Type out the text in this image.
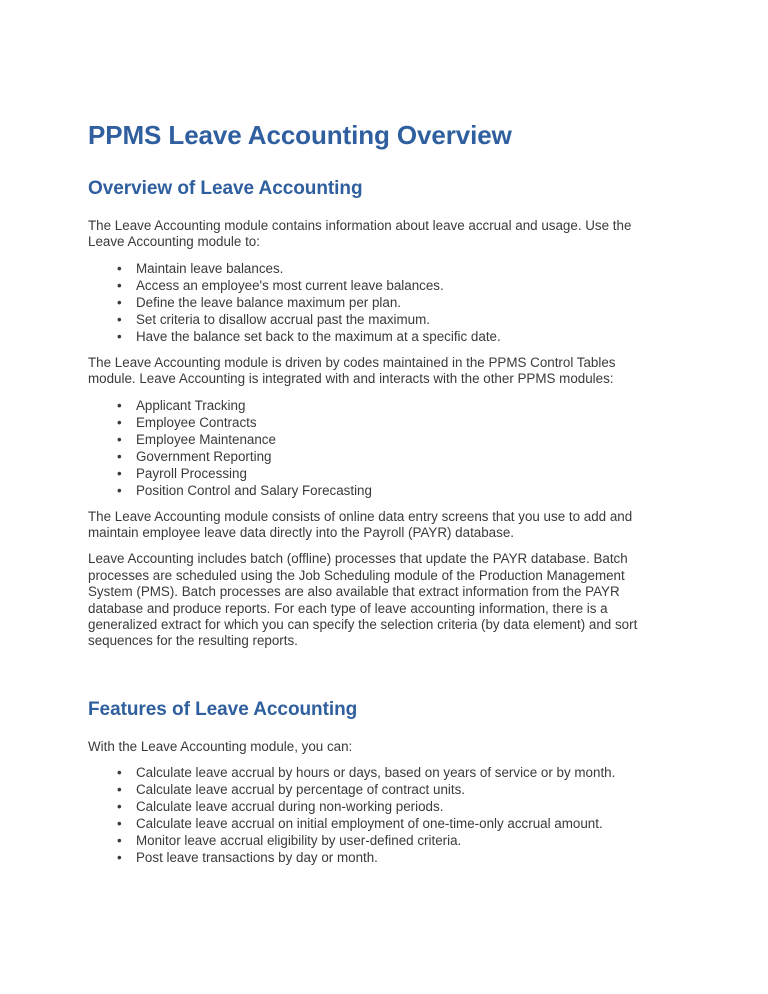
PPMS Leave Accounting Overview
Overview of Leave Accounting

The Leave Accounting module contains information about leave accrual and usage. Use the Leave Accounting module to:

• Maintain leave balances.
• Access an employee's most current leave balances.
• Define the leave balance maximum per plan.
• Set criteria to disallow accrual past the maximum.
• Have the balance set back to the maximum at a specific date.

The Leave Accounting module is driven by codes maintained in the PPMS Control Tables module. Leave Accounting is integrated with and interacts with the other PPMS modules:

• Applicant Tracking
• Employee Contracts
• Employee Maintenance
• Government Reporting
• Payroll Processing
• Position Control and Salary Forecasting

The Leave Accounting module consists of online data entry screens that you use to add and maintain employee leave data directly into the Payroll (PAYR) database.

Leave Accounting includes batch (offline) processes that update the PAYR database. Batch processes are scheduled using the Job Scheduling module of the Production Management System (PMS). Batch processes are also available that extract information from the PAYR database and produce reports. For each type of leave accounting information, there is a generalized extract for which you can specify the selection criteria (by data element) and sort sequences for the resulting reports.

Features of Leave Accounting

With the Leave Accounting module, you can:

• Calculate leave accrual by hours or days, based on years of service or by month.
• Calculate leave accrual by percentage of contract units.
• Calculate leave accrual during non-working periods.
• Calculate leave accrual on initial employment of one-time-only accrual amount.
• Monitor leave accrual eligibility by user-defined criteria.
• Post leave transactions by day or month.
